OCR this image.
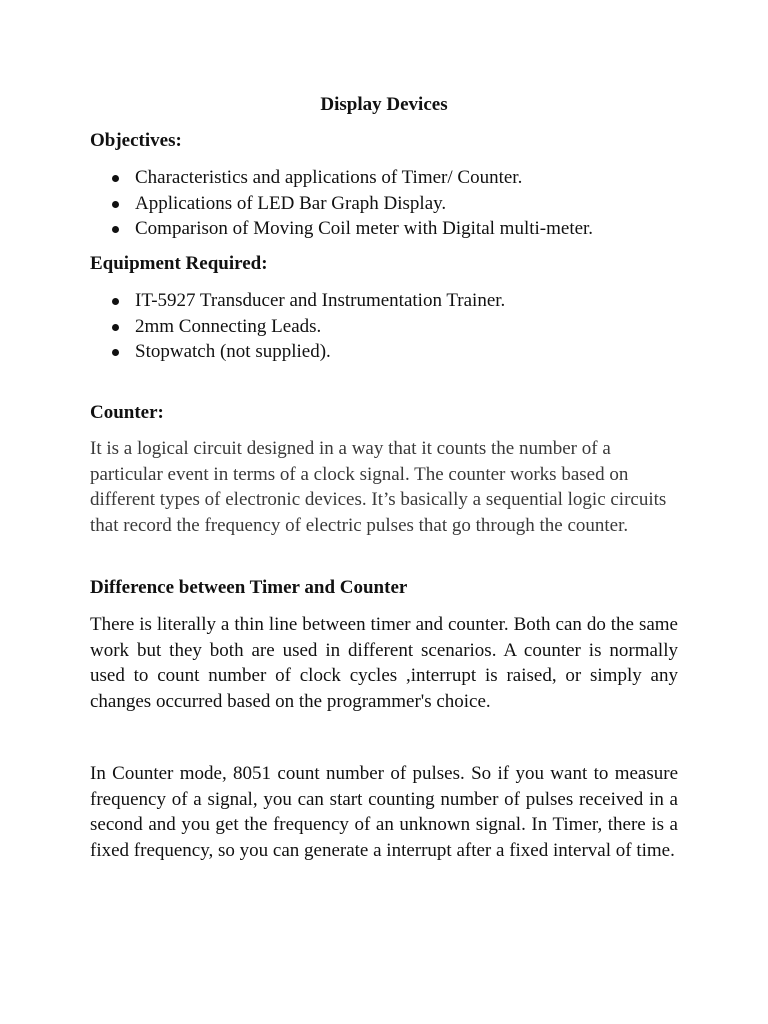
Display Devices
Objectives:
Characteristics and applications of Timer/ Counter.
Applications of LED Bar Graph Display.
Comparison of Moving Coil meter with Digital multi-meter.
Equipment Required:
IT-5927 Transducer and Instrumentation Trainer.
2mm Connecting Leads.
Stopwatch (not supplied).
Counter:

It is a logical circuit designed in a way that it counts the number of a particular event in terms of a clock signal. The counter works based on different types of electronic devices. It’s basically a sequential logic circuits that record the frequency of electric pulses that go through the counter.

Difference between Timer and Counter

There is literally a thin line between timer and counter. Both can do the same work but they both are used in different scenarios. A counter is normally used to count number of clock cycles ,interrupt is raised, or simply any changes occurred based on the programmer's choice.

In Counter mode, 8051 count number of pulses. So if you want to measure frequency of a signal, you can start counting number of pulses received in a second and you get the frequency of an unknown signal. In Timer, there is a fixed frequency, so you can generate a interrupt after a fixed interval of time.
